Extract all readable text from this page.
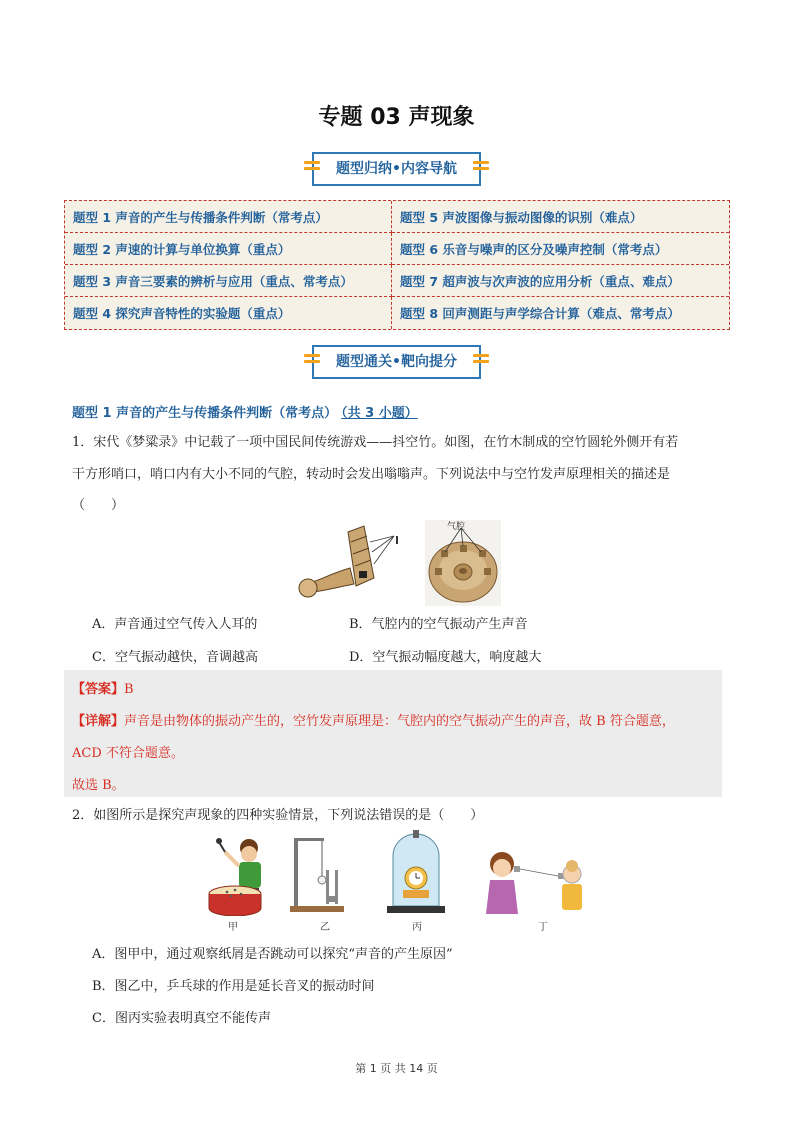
专题 03 声现象
题型归纳•内容导航
题型 1 声音的产生与传播条件判断（常考点）	题型 5 声波图像与振动图像的识别（难点）
题型 2 声速的计算与单位换算（重点）	题型 6 乐音与噪声的区分及噪声控制（常考点）
题型 3 声音三要素的辨析与应用（重点、常考点）	题型 7 超声波与次声波的应用分析（重点、难点）
题型 4 探究声音特性的实验题（重点）	题型 8 回声测距与声学综合计算（难点、常考点）
题型通关•靶向提分
题型 1 声音的产生与传播条件判断（常考点） （共 3 小题）
1．宋代《梦粱录》中记载了一项中国民间传统游戏——抖空竹。如图，在竹木制成的空竹圆轮外侧开有若
干方形哨口，哨口内有大小不同的气腔，转动时会发出嗡嗡声。下列说法中与空竹发声原理相关的描述是
（　　）
气腔
A．声音通过空气传入人耳的	B．气腔内的空气振动产生声音
C．空气振动越快，音调越高	D．空气振动幅度越大，响度越大
【答案】B
【详解】声音是由物体的振动产生的，空竹发声原理是：气腔内的空气振动产生的声音，故 B 符合题意，
ACD 不符合题意。
故选 B。
2．如图所示是探究声现象的四种实验情景，下列说法错误的是（　　）
甲	乙	丙	丁
A．图甲中，通过观察纸屑是否跳动可以探究“声音的产生原因”
B．图乙中，乒乓球的作用是延长音叉的振动时间
C．图丙实验表明真空不能传声
第 1 页 共 14 页
